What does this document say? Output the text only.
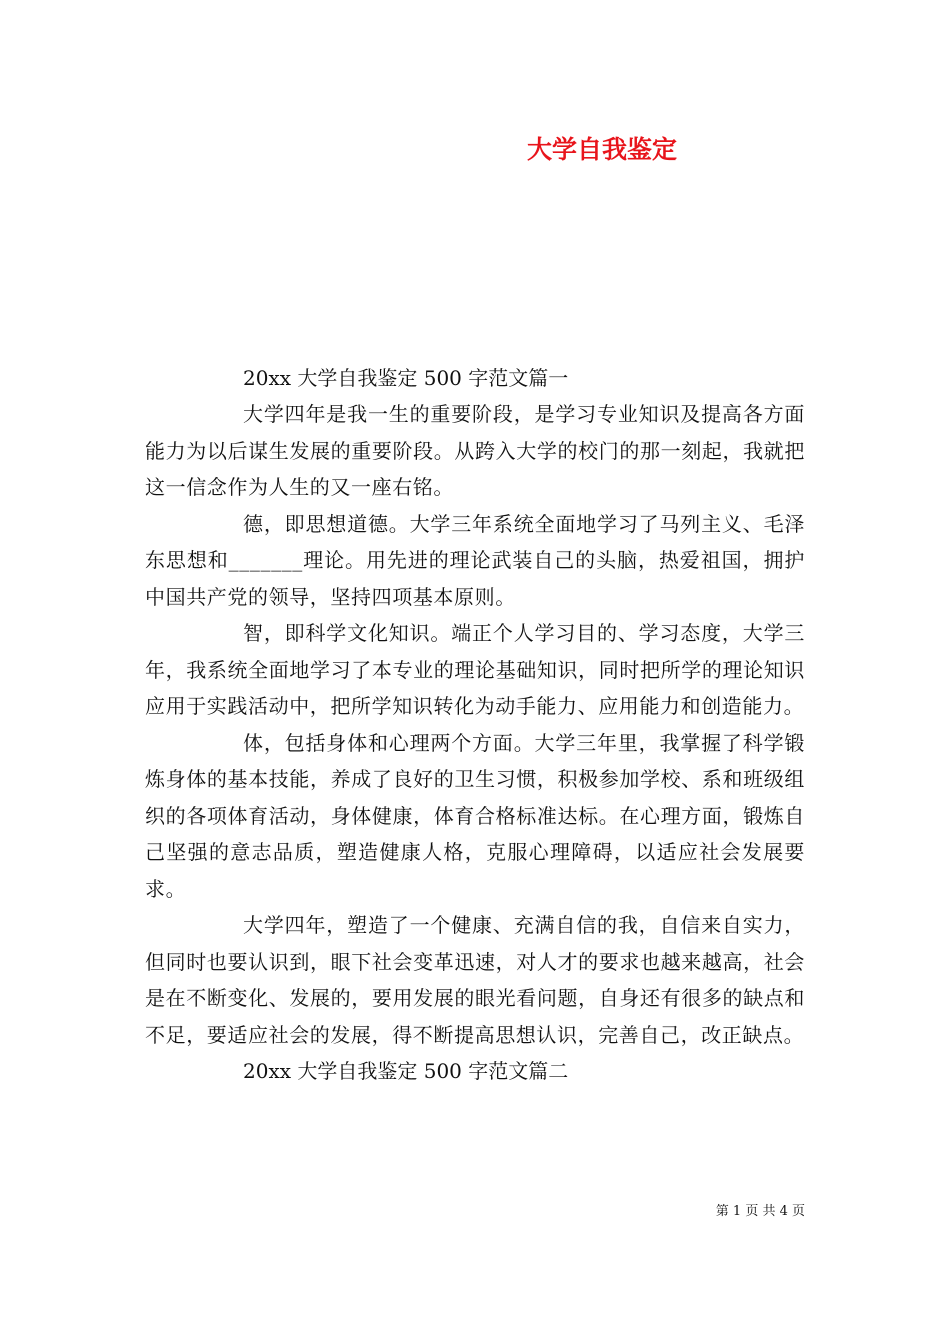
大学自我鉴定
20xx 大学自我鉴定 500 字范文篇一

大学四年是我一生的重要阶段，是学习专业知识及提高各方面能力为以后谋生发展的重要阶段。从跨入大学的校门的那一刻起，我就把这一信念作为人生的又一座右铭。

德，即思想道德。大学三年系统全面地学习了马列主义、毛泽东思想和_______理论。用先进的理论武装自己的头脑，热爱祖国，拥护中国共产党的领导，坚持四项基本原则。

智，即科学文化知识。端正个人学习目的、学习态度，大学三年，我系统全面地学习了本专业的理论基础知识，同时把所学的理论知识应用于实践活动中，把所学知识转化为动手能力、应用能力和创造能力。

体，包括身体和心理两个方面。大学三年里，我掌握了科学锻炼身体的基本技能，养成了良好的卫生习惯，积极参加学校、系和班级组织的各项体育活动，身体健康，体育合格标准达标。在心理方面，锻炼自己坚强的意志品质，塑造健康人格，克服心理障碍，以适应社会发展要求。

大学四年，塑造了一个健康、充满自信的我，自信来自实力，但同时也要认识到，眼下社会变革迅速，对人才的要求也越来越高，社会是在不断变化、发展的，要用发展的眼光看问题，自身还有很多的缺点和不足，要适应社会的发展，得不断提高思想认识，完善自己，改正缺点。

20xx 大学自我鉴定 500 字范文篇二
第 1 页 共 4 页
